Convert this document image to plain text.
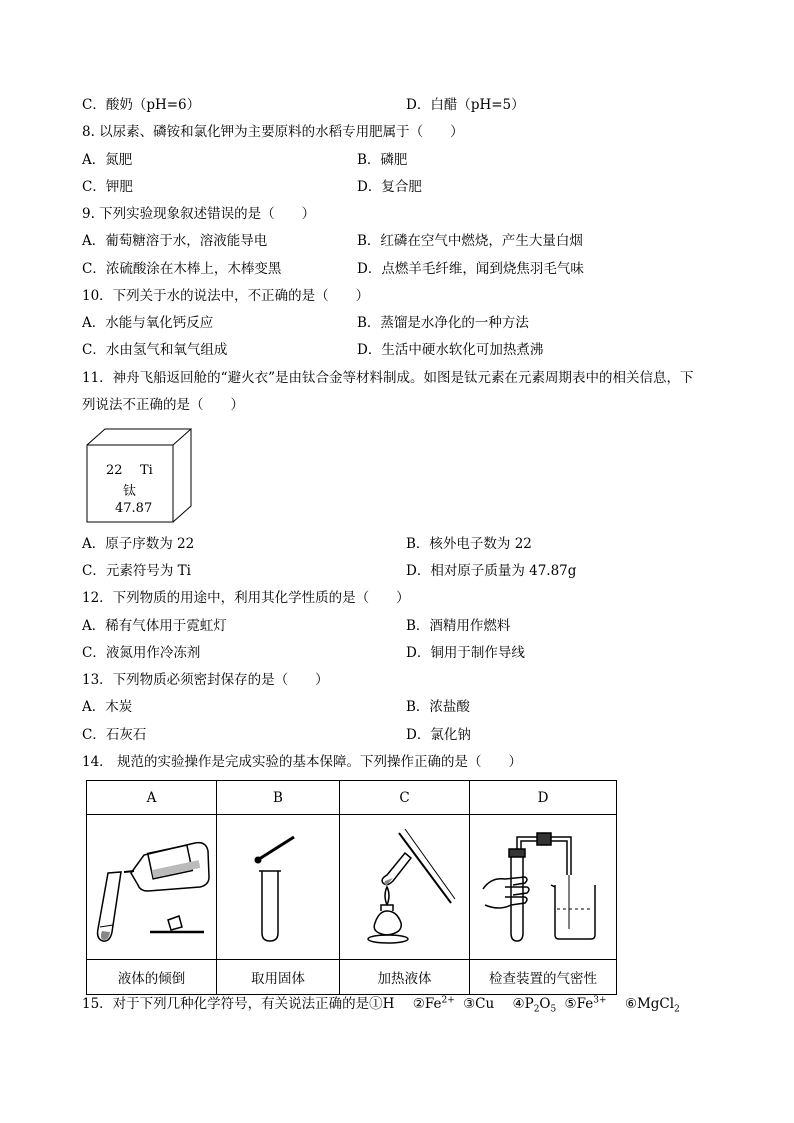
C．酸奶（pH=6）	D．白醋（pH=5）
8. 以尿素、磷铵和氯化钾为主要原料的水稻专用肥属于（　　）
A．氮肥	B．磷肥
C．钾肥	D．复合肥
9. 下列实验现象叙述错误的是（　　）
A．葡萄糖溶于水，溶液能导电	B．红磷在空气中燃烧，产生大量白烟
C．浓硫酸涂在木棒上，木棒变黑	D．点燃羊毛纤维，闻到烧焦羽毛气味
10．下列关于水的说法中，不正确的是（　　）
A．水能与氧化钙反应	B．蒸馏是水净化的一种方法
C．水由氢气和氧气组成	D．生活中硬水软化可加热煮沸
11．神舟飞船返回舱的“避火衣”是由钛合金等材料制成。如图是钛元素在元素周期表中的相关信息，下
列说法不正确的是（　　）
22 Ti
钛
47.87
A．原子序数为 22	B．核外电子数为 22
C．元素符号为 Ti	D．相对原子质量为 47.87g
12．下列物质的用途中，利用其化学性质的是（　　）
A．稀有气体用于霓虹灯	B．酒精用作燃料
C．液氮用作冷冻剂	D．铜用于制作导线
13．下列物质必须密封保存的是（　　）
A．木炭	B．浓盐酸
C．石灰石	D．氯化钠
14． 规范的实验操作是完成实验的基本保障。下列操作正确的是（　　）
A	B	C	D

液体的倾倒	取用固体	加热液体	检查装置的气密性
15．对于下列几种化学符号，有关说法正确的是①H $②Fe^{2+}$ ③Cu $④P_2O_5$ $⑤Fe^{3+}$ ⑥MgCl$_2$
